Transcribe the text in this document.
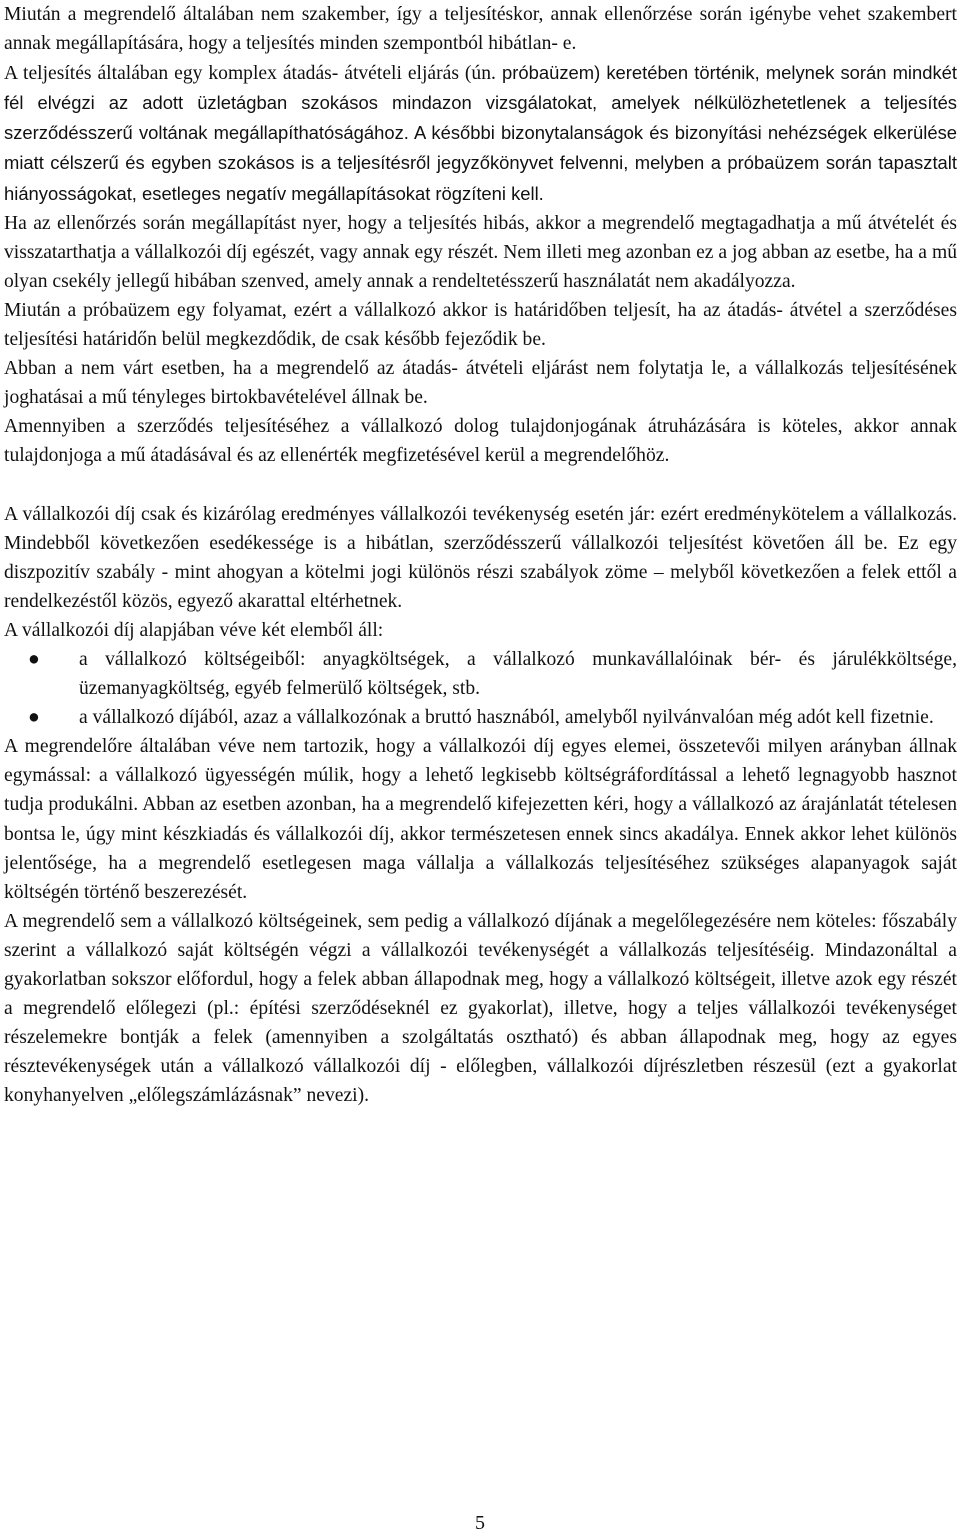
Miután a megrendelő általában nem szakember, így a teljesítéskor, annak ellenőrzése során igénybe vehet szakembert annak megállapítására, hogy a teljesítés minden szempontból hibátlan- e.

A teljesítés általában egy komplex átadás- átvételi eljárás (ún. próbaüzem) keretében történik, melynek során mindkét fél elvégzi az adott üzletágban szokásos mindazon vizsgálatokat, amelyek nélkülözhetetlenek a teljesítés szerződésszerű voltának megállapíthatóságához. A későbbi bizonytalanságok és bizonyítási nehézségek elkerülése miatt célszerű és egyben szokásos is a teljesítésről jegyzőkönyvet felvenni, melyben a próbaüzem során tapasztalt hiányosságokat, esetleges negatív megállapításokat rögzíteni kell.

Ha az ellenőrzés során megállapítást nyer, hogy a teljesítés hibás, akkor a megrendelő megtagadhatja a mű átvételét és visszatarthatja a vállalkozói díj egészét, vagy annak egy részét. Nem illeti meg azonban ez a jog abban az esetbe, ha a mű olyan csekély jellegű hibában szenved, amely annak a rendeltetésszerű használatát nem akadályozza.

Miután a próbaüzem egy folyamat, ezért a vállalkozó akkor is határidőben teljesít, ha az átadás- átvétel a szerződéses teljesítési határidőn belül megkezdődik, de csak később fejeződik be.

Abban a nem várt esetben, ha a megrendelő az átadás- átvételi eljárást nem folytatja le, a vállalkozás teljesítésének joghatásai a mű tényleges birtokbavételével állnak be.

Amennyiben a szerződés teljesítéséhez a vállalkozó dolog tulajdonjogának átruházására is köteles, akkor annak tulajdonjoga a mű átadásával és az ellenérték megfizetésével kerül a megrendelőhöz.

A vállalkozói díj csak és kizárólag eredményes vállalkozói tevékenység esetén jár: ezért eredménykötelem a vállalkozás. Mindebből következően esedékessége is a hibátlan, szerződésszerű vállalkozói teljesítést követően áll be. Ez egy diszpozitív szabály - mint ahogyan a kötelmi jogi különös részi szabályok zöme – melyből következően a felek ettől a rendelkezéstől közös, egyező akarattal eltérhetnek.

A vállalkozói díj alapjában véve két elemből áll:

● a vállalkozó költségeiből: anyagköltségek, a vállalkozó munkavállalóinak bér- és járulékköltsége, üzemanyagköltség, egyéb felmerülő költségek, stb.
● a vállalkozó díjából, azaz a vállalkozónak a bruttó hasznából, amelyből nyilvánvalóan még adót kell fizetnie.

A megrendelőre általában véve nem tartozik, hogy a vállalkozói díj egyes elemei, összetevői milyen arányban állnak egymással: a vállalkozó ügyességén múlik, hogy a lehető legkisebb költségráfordítással a lehető legnagyobb hasznot tudja produkálni. Abban az esetben azonban, ha a megrendelő kifejezetten kéri, hogy a vállalkozó az árajánlatát tételesen bontsa le, úgy mint készkiadás és vállalkozói díj, akkor természetesen ennek sincs akadálya. Ennek akkor lehet különös jelentősége, ha a megrendelő esetlegesen maga vállalja a vállalkozás teljesítéséhez szükséges alapanyagok saját költségén történő beszerezését.

A megrendelő sem a vállalkozó költségeinek, sem pedig a vállalkozó díjának a megelőlegezésére nem köteles: főszabály szerint a vállalkozó saját költségén végzi a vállalkozói tevékenységét a vállalkozás teljesítéséig. Mindazonáltal a gyakorlatban sokszor előfordul, hogy a felek abban állapodnak meg, hogy a vállalkozó költségeit, illetve azok egy részét a megrendelő előlegezi (pl.: építési szerződéseknél ez gyakorlat), illetve, hogy a teljes vállalkozói tevékenységet részelemekre bontják a felek (amennyiben a szolgáltatás osztható) és abban állapodnak meg, hogy az egyes résztevékenységek után a vállalkozó vállalkozói díj - előlegben, vállalkozói díjrészletben részesül (ezt a gyakorlat konyhanyelven „előlegszámlázásnak” nevezi).

5
